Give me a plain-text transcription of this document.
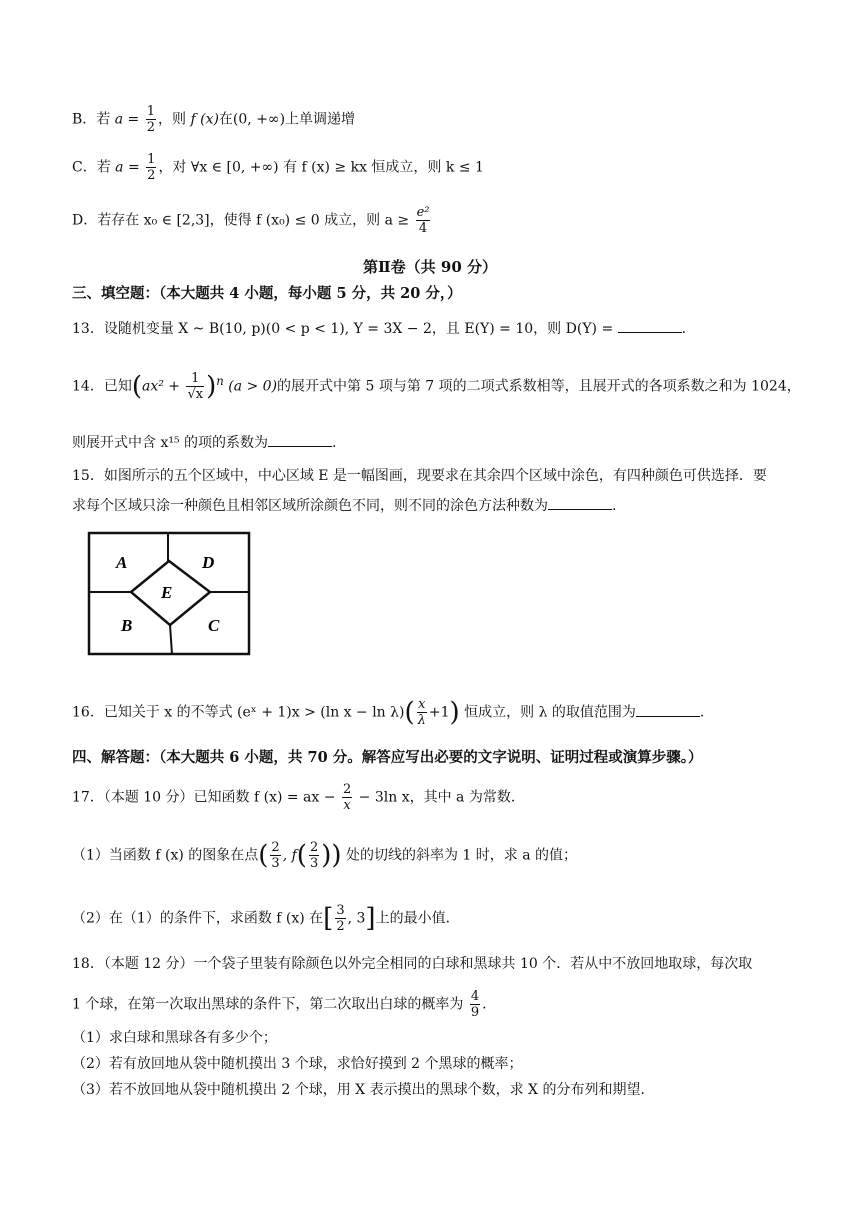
B．若 $a = \frac{1}{2}$ ，则 f (x)在(0, +∞)上单调递增
C．若 $a = \frac{1}{2}$ ，对 ∀x ∈ [0, +∞) 有 f (x) ≥ kx 恒成立，则 k ≤ 1
D．若存在 x₀ ∈ [2,3]，使得 f (x₀) ≤ 0 成立，则 $a \ge \frac{\text{e²}}{4}$
第Ⅱ卷（共 90 分）
三、填空题：（本大题共 4 小题，每小题 5 分，共 20 分，）
13．设随机变量 X ~ B(10, p)(0 < p < 1), Y = 3X − 2，且 E(Y) = 10，则 D(Y) =	.
14．已知$(ax^2 + \frac{1}{√x} )^n$ (a > 0)的展开式中第 5 项与第 7 项的二项式系数相等，且展开式的各项系数之和为 1024，
则展开式中含 x¹⁵ 的项的系数为	.
15．如图所示的五个区域中，中心区域 E 是一幅图画，现要求在其余四个区域中涂色，有四种颜色可供选择．要
求每个区域只涂一种颜色且相邻区域所涂颜色不同，则不同的涂色方法种数为	.
A	D
E
B	C
16．已知关于 x 的不等式 (eˣ + 1)x > (ln $x - \ln \lambda)( \frac{x}{\lambda} +1)$ 恒成立，则 λ 的取值范围为	.
四、解答题：（本大题共 6 小题，共 70 分。解答应写出必要的文字说明、证明过程或演算步骤。）
17．（本题 10 分）已知函数 f (x) = ax − $\frac{2}{x} - 3\ln$ x，其中 a 为常数．
（1）当函数 f (x) 的图象在点( $\frac{2}{3}$ , $f( \frac{2}{3}$ )) 处的切线的斜率为 1 时，求 a 的值；
（2）在（1）的条件下，求函数 f (x) 在[ $\frac{3}{2}$ , 3]上的最小值．
18．（本题 12 分）一个袋子里装有除颜色以外完全相同的白球和黑球共 10 个．若从中不放回地取球，每次取
1 个球，在第一次取出黑球的条件下，第二次取出白球的概率为 $\frac{4}{9}$ .
（1）求白球和黑球各有多少个；
（2）若有放回地从袋中随机摸出 3 个球，求恰好摸到 2 个黑球的概率；
（3）若不放回地从袋中随机摸出 2 个球，用 X 表示摸出的黑球个数，求 X 的分布列和期望．
